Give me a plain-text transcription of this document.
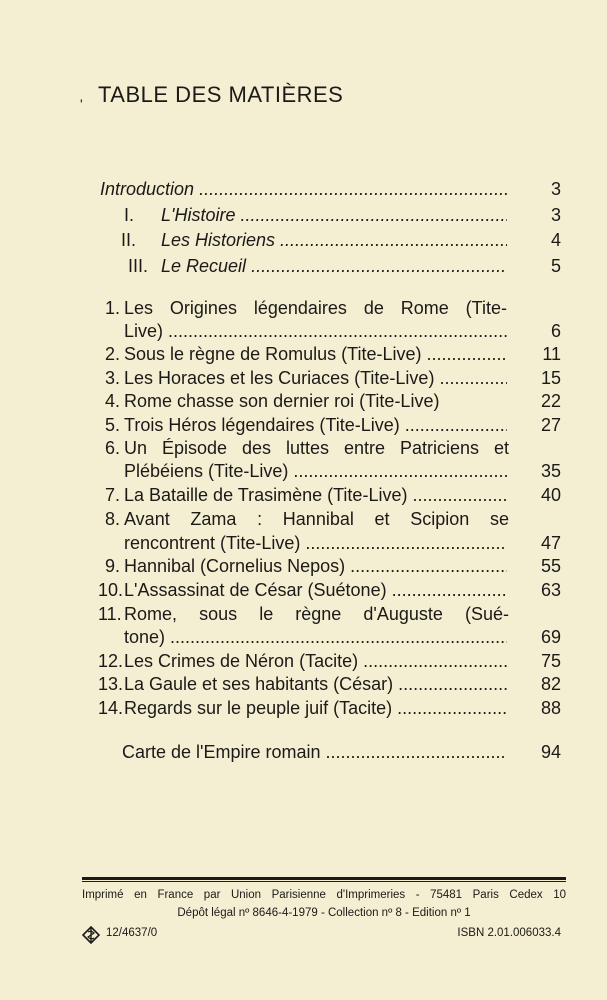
' TABLE DES MATIÈRES
Introduction .....	3
I. L'Histoire .....	3
II. Les Historiens .....	4
III. Le Recueil .....	5
1. Les Origines légendaires de Rome (Tite-
Live) .....	6
2. Sous le règne de Romulus (Tite-Live) .....	11
3. Les Horaces et les Curiaces (Tite-Live) .....	15
4. Rome chasse son dernier roi (Tite-Live)	22
5. Trois Héros légendaires (Tite-Live) .....	27
6. Un Épisode des luttes entre Patriciens et
Plébéiens (Tite-Live) .....	35
7. La Bataille de Trasimène (Tite-Live) .....	40
8. Avant Zama : Hannibal et Scipion se
rencontrent (Tite-Live) .....	47
9. Hannibal (Cornelius Nepos) .....	55
10. L'Assassinat de César (Suétone) .....	63
11. Rome, sous le règne d'Auguste (Sué-
tone) .....	69
12. Les Crimes de Néron (Tacite) .....	75
13. La Gaule et ses habitants (César) .....	82
14. Regards sur le peuple juif (Tacite) .....	88
Carte de l'Empire romain .....	94
Imprimé en France par Union Parisienne d'Imprimeries - 75481 Paris Cedex 10
Dépôt légal nº 8646-4-1979 - Collection nº 8 - Edition nº 1
12/4637/0	ISBN 2.01.006033.4
